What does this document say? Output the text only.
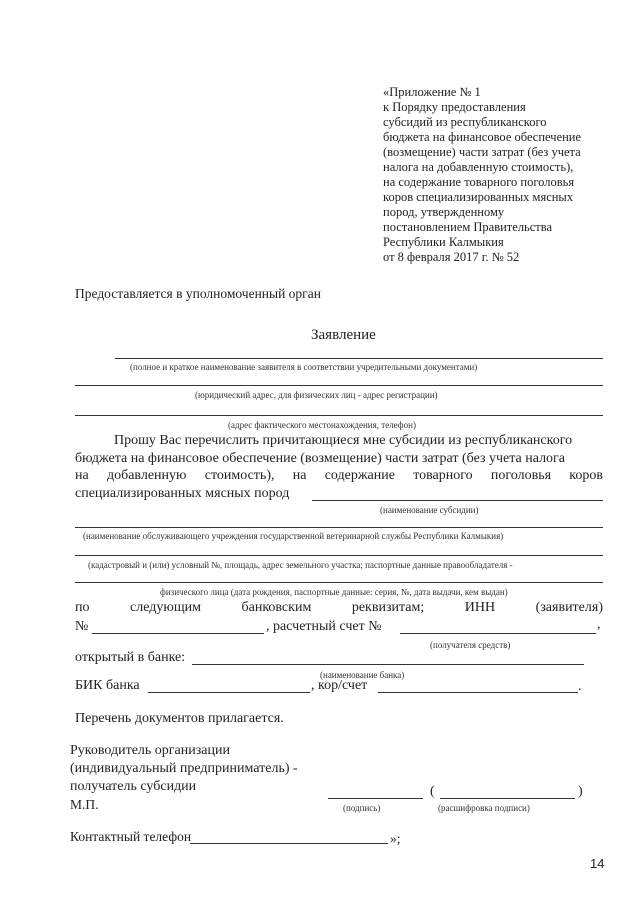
«Приложение № 1
к Порядку предоставления
субсидий из республиканского
бюджета на финансовое обеспечение
(возмещение) части затрат (без учета
налога на добавленную стоимость),
на содержание товарного поголовья
коров специализированных мясных
пород, утвержденному
постановлением Правительства
Республики Калмыкия
от 8 февраля 2017 г. № 52
Предоставляется в уполномоченный орган
Заявление
(полное и краткое наименование заявителя в соответствии учредительными документами)
(юридический адрес, для физических лиц - адрес регистрации)
(адрес фактического местонахождения, телефон)
Прошу Вас перечислить причитающиеся мне субсидии из республиканского
бюджета на финансовое обеспечение (возмещение) части затрат (без учета налога
на добавленную стоимость), на содержание товарного поголовья коров
специализированных мясных пород
(наименование субсидии)
(наименование обслуживающего учреждения государственной ветеринарной службы Республики Калмыкия)
(кадастровый и (или) условный №, площадь, адрес земельного участка; паспортные данные правообладателя -
физического лица (дата рождения, паспортные данные: серия, №, дата выдачи, кем выдан)
по	следующим	банковским	реквизитам;	ИНН	(заявителя)
№	, расчетный счет №	,
(получателя средств)
открытый в банке:
(наименование банка)
БИК банка	, кор/счет	.
Перечень документов прилагается.
Руководитель организации
(индивидуальный предприниматель) -
получатель субсидии
М.П.
(	)
(подпись)	(расшифровка подписи)
Контактный телефон	»;
14
